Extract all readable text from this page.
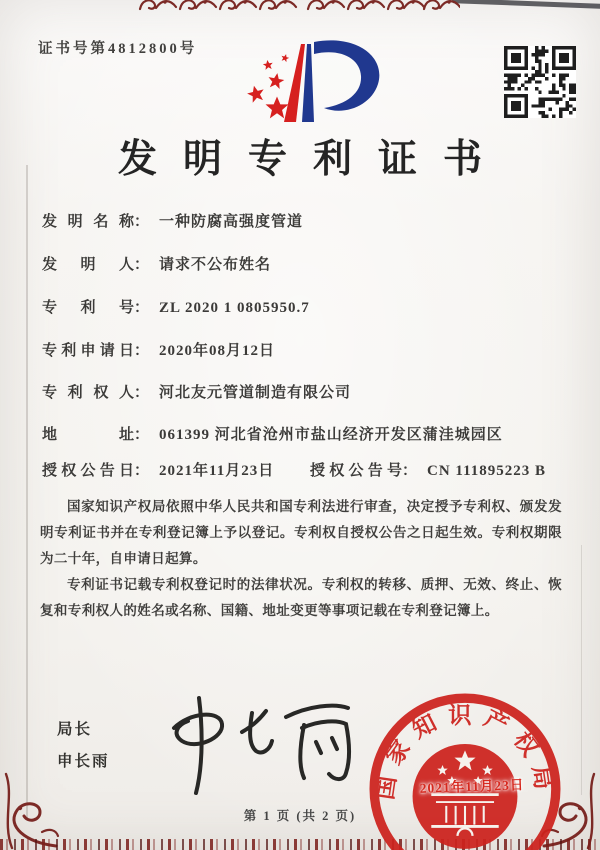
证书号第4812800号
发明专利证书
发明名称： 一种防腐高强度管道
发明人： 请求不公布姓名
专利号： ZL 2020 1 0805950.7
专利申请日： 2020年08月12日
专利权人： 河北友元管道制造有限公司
地址： 061399 河北省沧州市盐山经济开发区蒲洼城园区
授权公告日： 2021年11月23日 授权公告号： CN 111895223 B

国家知识产权局依照中华人民共和国专利法进行审查，决定授予专利权、颁发发明专利证书并在专利登记簿上予以登记。专利权自授权公告之日起生效。专利权期限为二十年，自申请日起算。

专利证书记载专利权登记时的法律状况。专利权的转移、质押、无效、终止、恢复和专利权人的姓名或名称、国籍、地址变更等事项记载在专利登记簿上。

局长
申长雨
国家知识产权局
2021年11月23日
第 1 页 (共 2 页)
